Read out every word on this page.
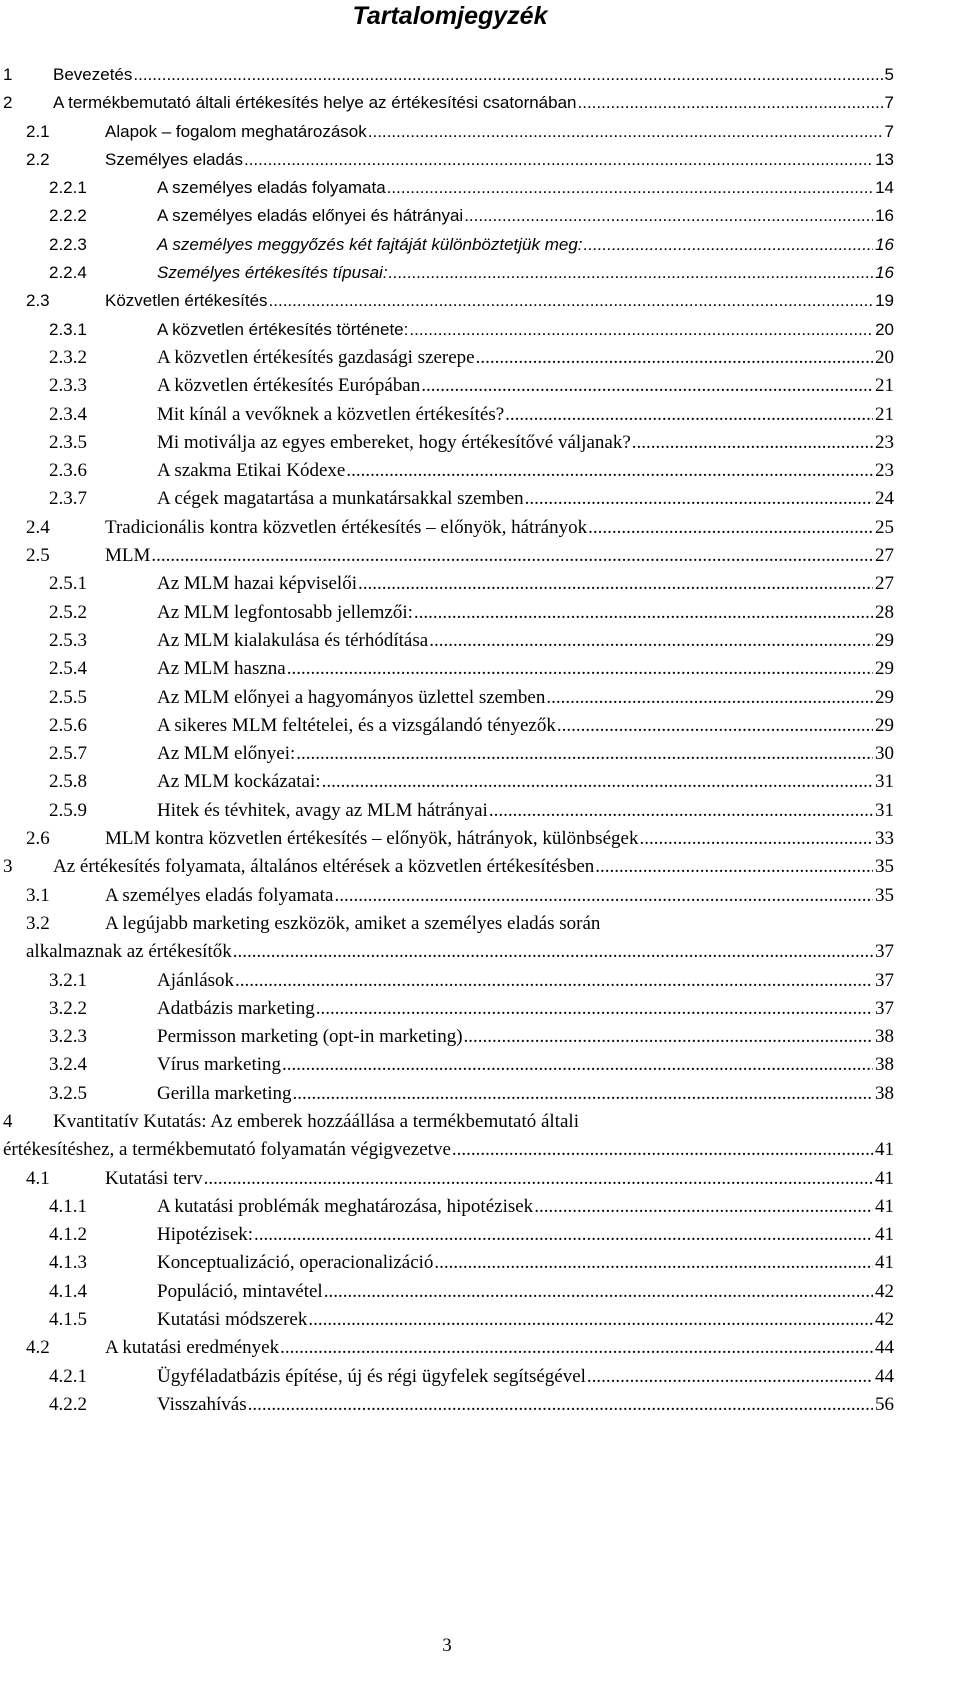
Tartalomjegyzék
1 Bevezetés .....	5
2 A termékbemutató általi értékesítés helye az értékesítési csatornában .....	7
2.1	Alapok – fogalom meghatározások .....	7
2.2	Személyes eladás .....	13
2.2.1	A személyes eladás folyamata .....	14
2.2.2	A személyes eladás előnyei és hátrányai .....	16
2.2.3	A személyes meggyőzés két fajtáját különböztetjük meg: .....	16
2.2.4	Személyes értékesítés típusai: .....	16
2.3	Közvetlen értékesítés .....	19
2.3.1	A közvetlen értékesítés története: .....	20
2.3.2	A közvetlen értékesítés gazdasági szerepe .....	20
2.3.3	A közvetlen értékesítés Európában .....	21
2.3.4	Mit kínál a vevőknek a közvetlen értékesítés? .....	21
2.3.5	Mi motiválja az egyes embereket, hogy értékesítővé váljanak? .....	23
2.3.6	A szakma Etikai Kódexe .....	23
2.3.7	A cégek magatartása a munkatársakkal szemben .....	24
2.4	Tradicionális kontra közvetlen értékesítés – előnyök, hátrányok .....	25
2.5	MLM .....	27
2.5.1	Az MLM hazai képviselői .....	27
2.5.2	Az MLM legfontosabb jellemzői: .....	28
2.5.3	Az MLM kialakulása és térhódítása .....	29
2.5.4	Az MLM haszna .....	29
2.5.5	Az MLM előnyei a hagyományos üzlettel szemben .....	29
2.5.6	A sikeres MLM feltételei, és a vizsgálandó tényezők .....	29
2.5.7	Az MLM előnyei: .....	30
2.5.8	Az MLM kockázatai: .....	31
2.5.9	Hitek és tévhitek, avagy az MLM hátrányai .....	31
2.6	MLM kontra közvetlen értékesítés – előnyök, hátrányok, különbségek .....	33
3 Az értékesítés folyamata, általános eltérések a közvetlen értékesítésben .....	35
3.1	A személyes eladás folyamata .....	35
3.2	A legújabb marketing eszközök, amiket a személyes eladás során
alkalmaznak az értékesítők .....	37
3.2.1	Ajánlások .....	37
3.2.2	Adatbázis marketing .....	37
3.2.3	Permisson marketing (opt-in marketing) .....	38
3.2.4	Vírus marketing .....	38
3.2.5	Gerilla marketing .....	38
4 Kvantitatív Kutatás: Az emberek hozzáállása a termékbemutató általi
értékesítéshez, a termékbemutató folyamatán végigvezetve .....	41
4.1	Kutatási terv .....	41
4.1.1	A kutatási problémák meghatározása, hipotézisek .....	41
4.1.2	Hipotézisek: .....	41
4.1.3	Konceptualizáció, operacionalizáció .....	41
4.1.4	Populáció, mintavétel .....	42
4.1.5	Kutatási módszerek .....	42
4.2	A kutatási eredmények .....	44
4.2.1	Ügyféladatbázis építése, új és régi ügyfelek segítségével .....	44
4.2.2	Visszahívás .....	56
3
